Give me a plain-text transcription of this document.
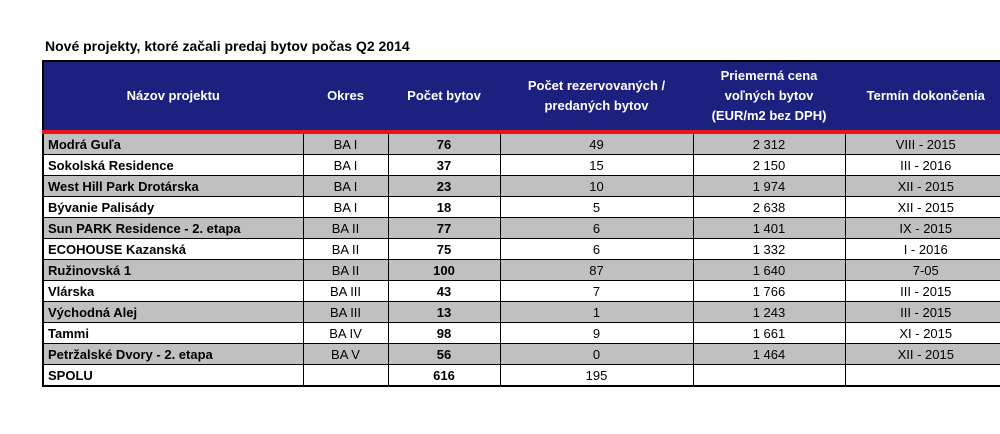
Nové projekty, ktoré začali predaj bytov počas Q2 2014
Názov projektu	Okres	Počet bytov	Počet rezervovaných / predaných bytov	Priemerná cena voľných bytov (EUR/m2 bez DPH)	Termín dokončenia
Modrá Guľa	BA I	76	49	2 312	VIII - 2015
Sokolská Residence	BA I	37	15	2 150	III - 2016
West Hill Park Drotárska	BA I	23	10	1 974	XII - 2015
Bývanie Palisády	BA I	18	5	2 638	XII - 2015
Sun PARK Residence - 2. etapa	BA II	77	6	1 401	IX - 2015
ECOHOUSE Kazanská	BA II	75	6	1 332	I - 2016
Ružinovská 1	BA II	100	87	1 640	7-05
Vlárska	BA III	43	7	1 766	III - 2015
Východná Alej	BA III	13	1	1 243	III - 2015
Tammi	BA IV	98	9	1 661	XI - 2015
Petržalské Dvory - 2. etapa	BA V	56	0	1 464	XII - 2015
SPOLU		616	195		
